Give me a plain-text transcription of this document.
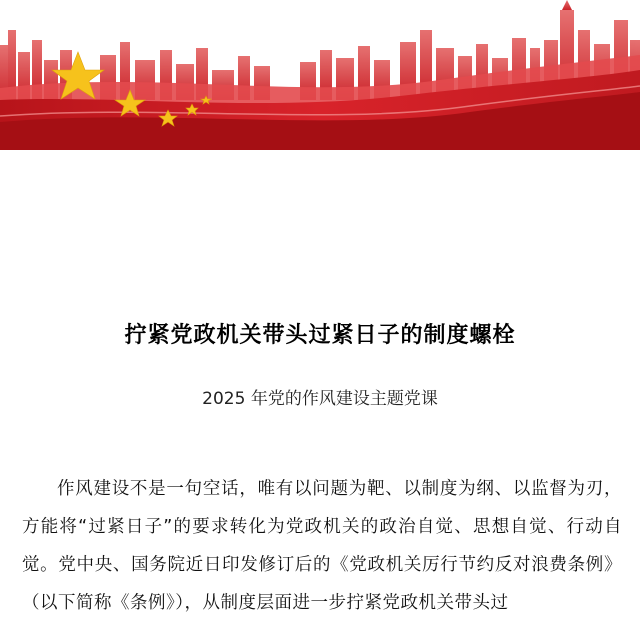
拧紧党政机关带头过紧日子的制度螺栓
2025 年党的作风建设主题党课

作风建设不是一句空话，唯有以问题为靶、以制度为纲、以监督为刃，方能将“过紧日子”的要求转化为党政机关的政治自觉、思想自觉、行动自觉。党中央、国务院近日印发修订后的《党政机关厉行节约反对浪费条例》（以下简称《条例》），从制度层面进一步拧紧党政机关带头过
